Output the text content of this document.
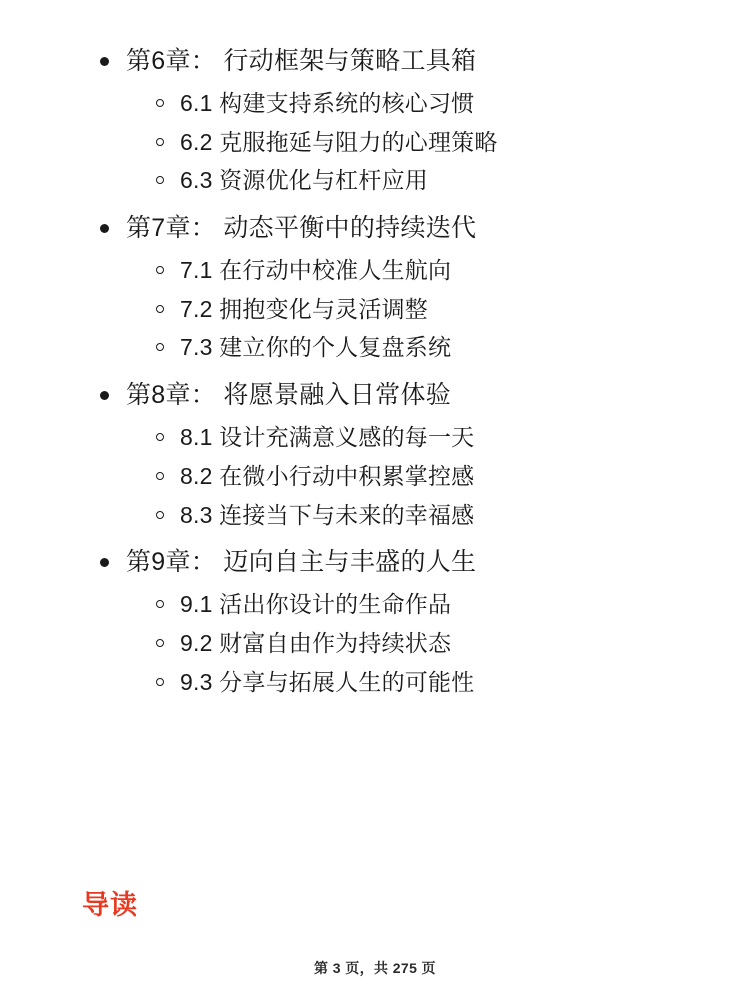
第6章： 行动框架与策略工具箱
6.1 构建支持系统的核心习惯
6.2 克服拖延与阻力的心理策略
6.3 资源优化与杠杆应用
第7章： 动态平衡中的持续迭代
7.1 在行动中校准人生航向
7.2 拥抱变化与灵活调整
7.3 建立你的个人复盘系统
第8章： 将愿景融入日常体验
8.1 设计充满意义感的每一天
8.2 在微小行动中积累掌控感
8.3 连接当下与未来的幸福感
第9章： 迈向自主与丰盛的人生
9.1 活出你设计的生命作品
9.2 财富自由作为持续状态
9.3 分享与拓展人生的可能性
导读
第 3 页，共 275 页
